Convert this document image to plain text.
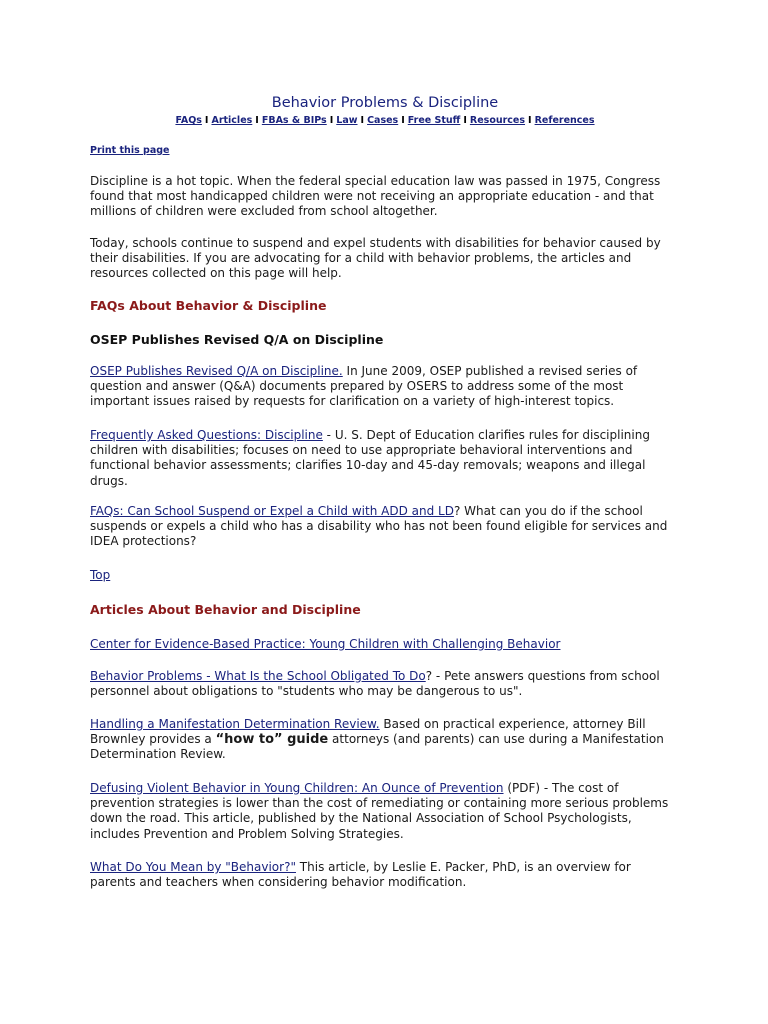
Behavior Problems & Discipline
FAQs I Articles I FBAs & BIPs I Law I Cases I Free Stuff I Resources I References
Print this page

Discipline is a hot topic. When the federal special education law was passed in 1975, Congress found that most handicapped children were not receiving an appropriate education - and that millions of children were excluded from school altogether.

Today, schools continue to suspend and expel students with disabilities for behavior caused by their disabilities. If you are advocating for a child with behavior problems, the articles and resources collected on this page will help.

FAQs About Behavior & Discipline
OSEP Publishes Revised Q/A on Discipline

OSEP Publishes Revised Q/A on Discipline. In June 2009, OSEP published a revised series of question and answer (Q&A) documents prepared by OSERS to address some of the most important issues raised by requests for clarification on a variety of high-interest topics.

Frequently Asked Questions: Discipline - U. S. Dept of Education clarifies rules for disciplining children with disabilities; focuses on need to use appropriate behavioral interventions and functional behavior assessments; clarifies 10-day and 45-day removals; weapons and illegal drugs.

FAQs: Can School Suspend or Expel a Child with ADD and LD? What can you do if the school suspends or expels a child who has a disability who has not been found eligible for services and IDEA protections?

Top

Articles About Behavior and Discipline

Center for Evidence-Based Practice: Young Children with Challenging Behavior

Behavior Problems - What Is the School Obligated To Do? - Pete answers questions from school personnel about obligations to "students who may be dangerous to us".

Handling a Manifestation Determination Review. Based on practical experience, attorney Bill Brownley provides a “how to” guide attorneys (and parents) can use during a Manifestation Determination Review.

Defusing Violent Behavior in Young Children: An Ounce of Prevention (PDF) - The cost of prevention strategies is lower than the cost of remediating or containing more serious problems down the road. This article, published by the National Association of School Psychologists, includes Prevention and Problem Solving Strategies.

What Do You Mean by "Behavior?" This article, by Leslie E. Packer, PhD, is an overview for parents and teachers when considering behavior modification.
